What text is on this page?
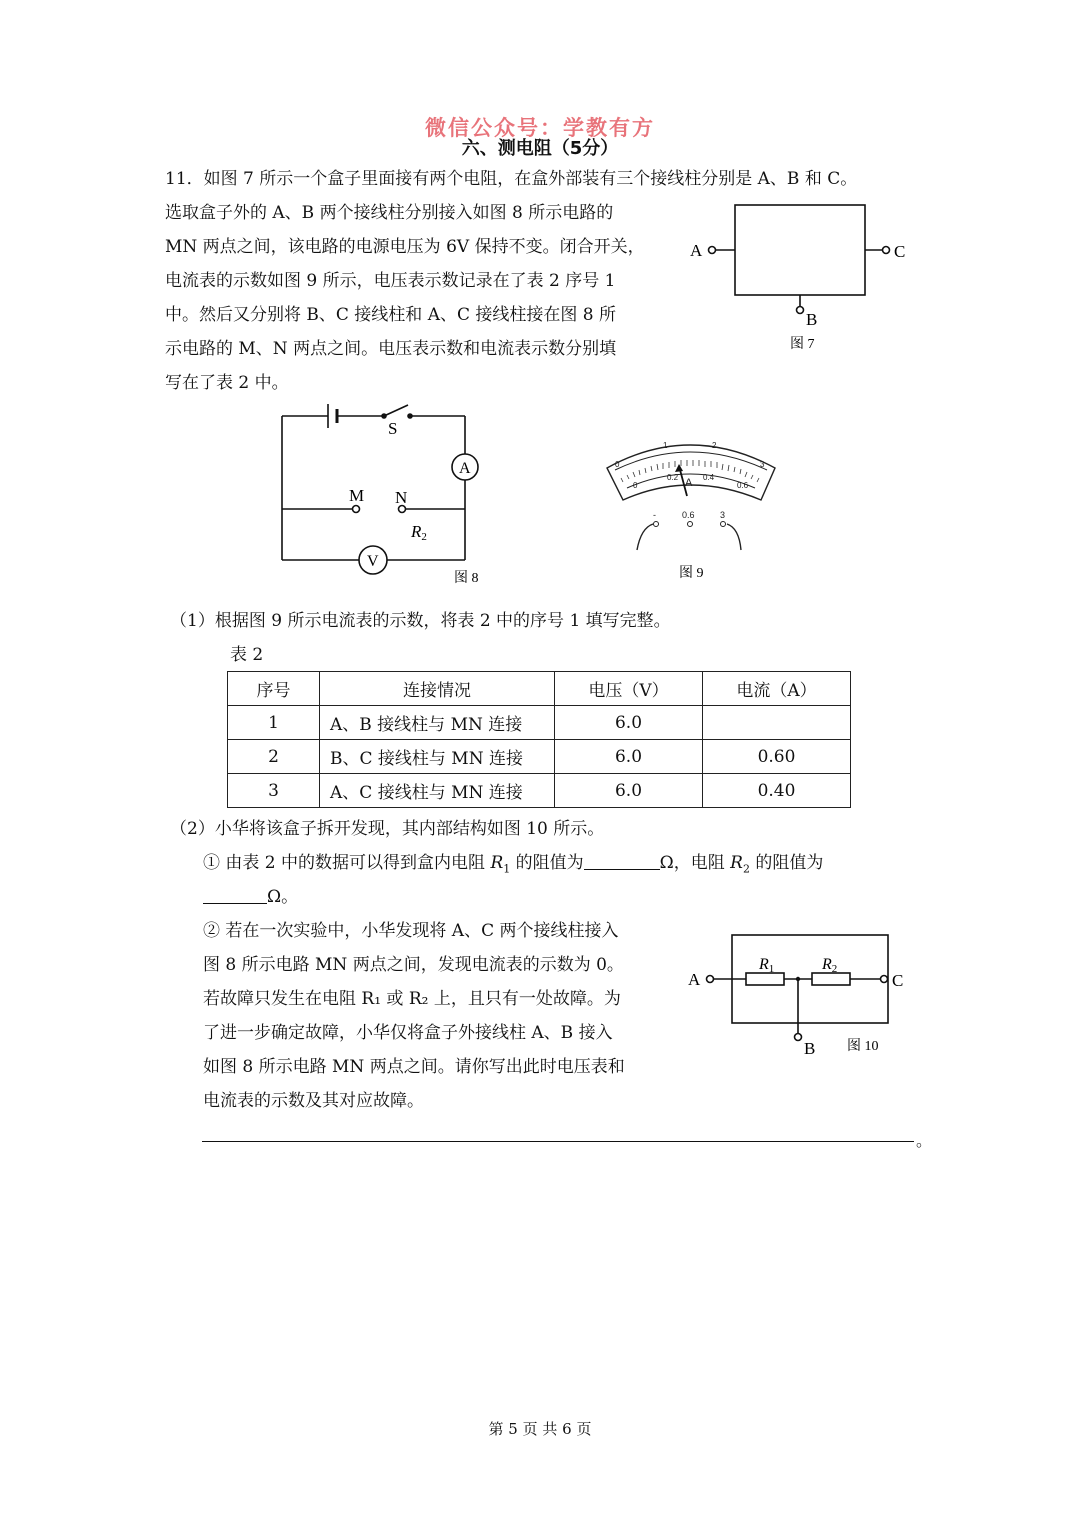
微信公众号：学教有方
六、测电阻（5分）
11．如图 7 所示一个盒子里面接有两个电阻，在盒外部装有三个接线柱分别是 A、B 和 C。
选取盒子外的 A、B 两个接线柱分别接入如图 8 所示电路的
MN 两点之间，该电路的电源电压为 6V 保持不变。闭合开关，
电流表的示数如图 9 所示，电压表示数记录在了表 2 序号 1
中。然后又分别将 B、C 接线柱和 A、C 接线柱接在图 8 所
示电路的 M、N 两点之间。电压表示数和电流表示数分别填
写在了表 2 中。
A	C
B
图 7
S
A
M N
R2
V
图 8
0
1	2
3
0
0.2	0.4
0.6
A
-	0.6	3
图 9
（1）根据图 9 所示电流表的示数，将表 2 中的序号 1 填写完整。
表 2
序号	连接情况	电压（V）	电流（A）
1	A、B 接线柱与 MN 连接	6.0	
2	B、C 接线柱与 MN 连接	6.0	0.60
3	A、C 接线柱与 MN 连接	6.0	0.40
（2）小华将该盒子拆开发现，其内部结构如图 10 所示。
① 由表 2 中的数据可以得到盒内电阻 $R_1$ 的阻值为	Ω，电阻 $R_2$ 的阻值为
Ω。
② 若在一次实验中，小华发现将 A、C 两个接线柱接入
图 8 所示电路 MN 两点之间，发现电流表的示数为 0。
若故障只发生在电阻 R₁ 或 R₂ 上，且只有一处故障。为
了进一步确定故障，小华仅将盒子外接线柱 A、B 接入
如图 8 所示电路 MN 两点之间。请你写出此时电压表和
电流表的示数及其对应故障。
。
A	C
B
R1	R2
图 10
第 5 页 共 6 页
